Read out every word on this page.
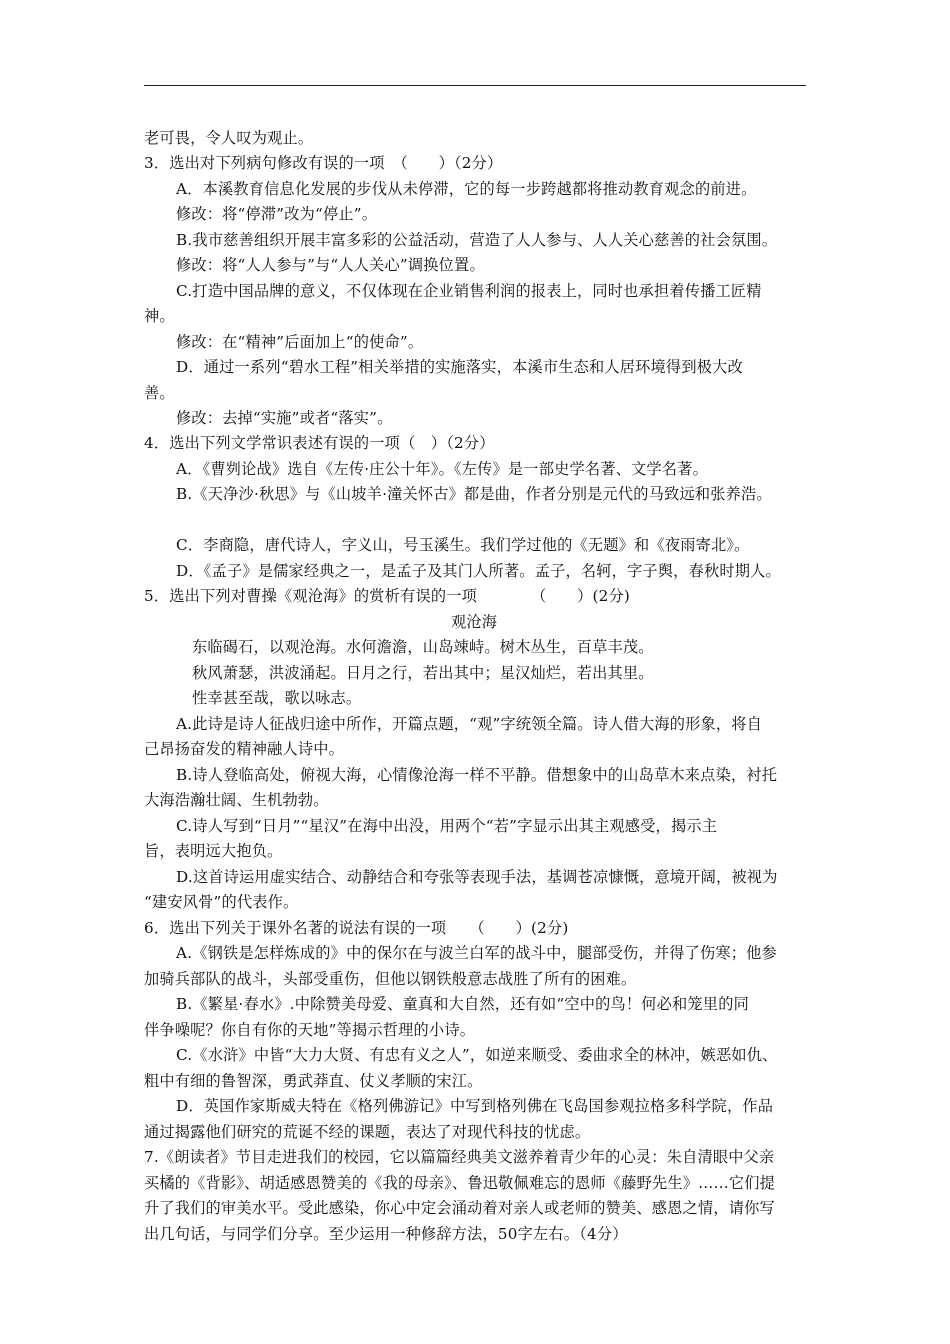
老可畏，令人叹为观止。
3．选出对下列病句修改有误的一项　（　　）（2分）
A．本溪教育信息化发展的步伐从未停滞，它的每一步跨越都将推动教育观念的前进。
修改：将“停滞”改为“停止”。
B.我市慈善组织开展丰富多彩的公益活动，营造了人人参与、人人关心慈善的社会氛围。
修改：将“人人参与”与“人人关心”调换位置。
C.打造中国品牌的意义，不仅体现在企业销售利润的报表上，同时也承担着传播工匠精
神。
修改：在“精神”后面加上“的使命”。
D．通过一系列“碧水工程”相关举措的实施落实，本溪市生态和人居环境得到极大改
善。
修改：去掉“实施”或者“落实”。
4．选出下列文学常识表述有误的一项（　）（2分）
A．《曹刿论战》选自《左传·庄公十年》。《左传》是一部史学名著、文学名著。
B.《天净沙·秋思》与《山坡羊·潼关怀古》都是曲，作者分别是元代的马致远和张养浩。
C．李商隐，唐代诗人，字义山，号玉溪生。我们学过他的《无题》和《夜雨寄北》。
D．《孟子》是儒家经典之一，是孟子及其门人所著。孟子，名轲，字子舆，春秋时期人。
5．选出下列对曹操《观沧海》的赏析有误的一项　　　　（　　）(2分)
观沧海
东临碣石，以观沧海。水何澹澹，山岛竦峙。树木丛生，百草丰茂。
秋风萧瑟，洪波涌起。日月之行，若出其中；星汉灿烂，若出其里。
性幸甚至哉，歌以咏志。
A.此诗是诗人征战归途中所作，开篇点题，“观”字统领全篇。诗人借大海的形象，将自
己昂扬奋发的精神融人诗中。
B.诗人登临高处，俯视大海，心情像沧海一样不平静。借想象中的山岛草木来点染，衬托
大海浩瀚壮阔、生机勃勃。
C.诗人写到“日月”“星汉”在海中出没，用两个“若”字显示出其主观感受，揭示主
旨，表明远大抱负。
D.这首诗运用虚实结合、动静结合和夸张等表现手法，基调苍凉慷慨，意境开阔，被视为
“建安风骨”的代表作。
6．选出下列关于课外名著的说法有误的一项　　（　　）(2分)
A.《钢铁是怎样炼成的》中的保尔在与波兰白军的战斗中，腿部受伤，并得了伤寒；他参
加骑兵部队的战斗，头部受重伤，但他以钢铁般意志战胜了所有的困难。
B.《繁星·春水》.中除赞美母爱、童真和大自然，还有如“空中的鸟！何必和笼里的同
伴争噪呢？你自有你的天地”等揭示哲理的小诗。
C.《水浒》中皆“大力大贤、有忠有义之人”，如逆来顺受、委曲求全的林冲，嫉恶如仇、
粗中有细的鲁智深，勇武莽直、仗义孝顺的宋江。
D．英国作家斯威夫特在《格列佛游记》中写到格列佛在飞岛国参观拉格多科学院，作品
通过揭露他们研究的荒诞不经的课题，表达了对现代科技的忧虑。
7.《朗读者》节目走进我们的校园，它以篇篇经典美文滋养着青少年的心灵：朱自清眼中父亲
买橘的《背影》、胡适感恩赞美的《我的母亲》、鲁迅敬佩难忘的恩师《藤野先生》……它们提
升了我们的审美水平。受此感染，你心中定会涌动着对亲人或老师的赞美、感恩之情，请你写
出几句话，与同学们分享。至少运用一种修辞方法，50字左右。（4分）
